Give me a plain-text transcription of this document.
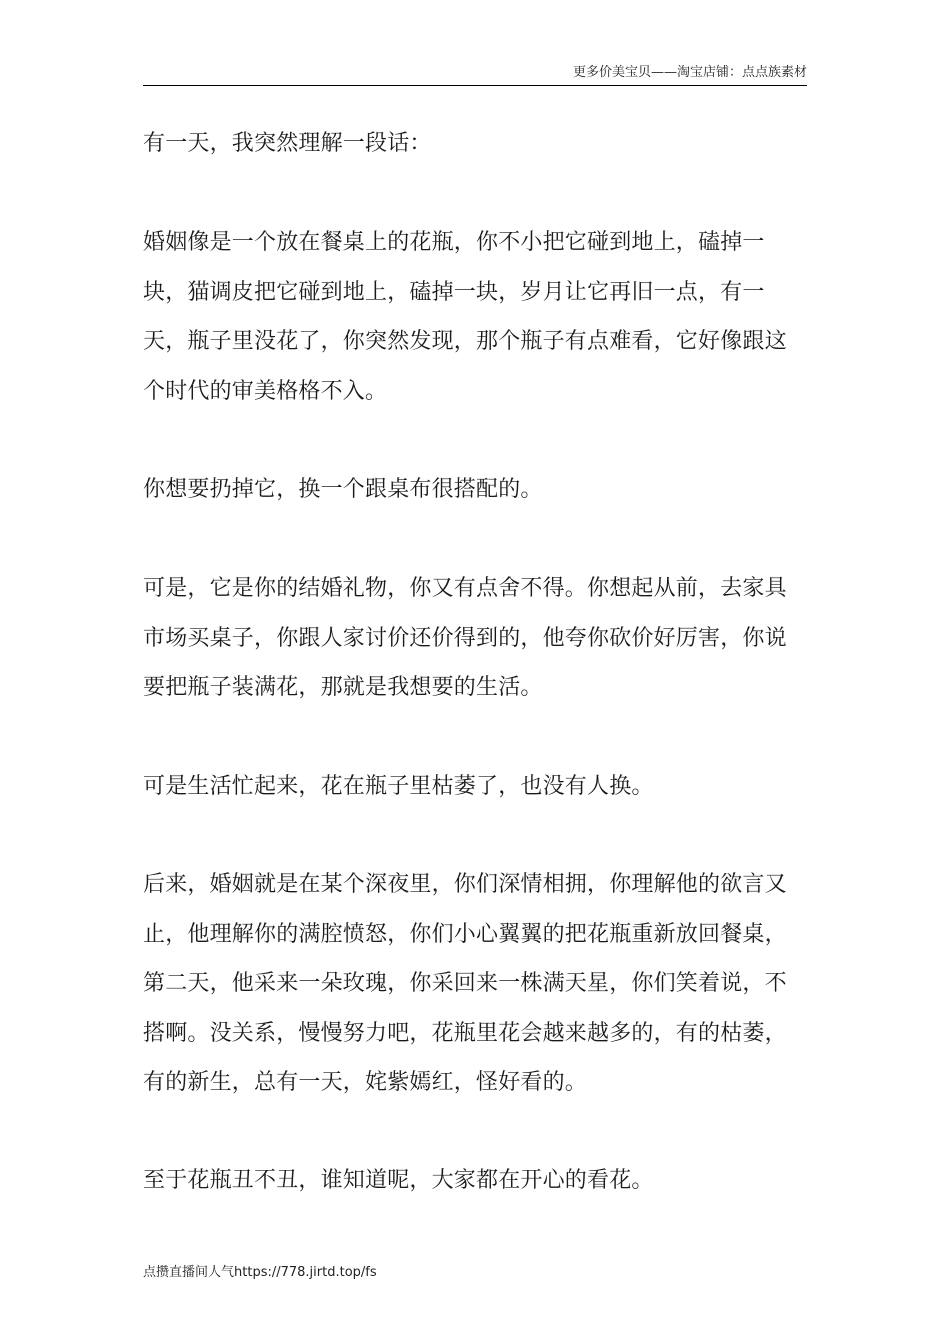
更多价美宝贝——淘宝店铺：点点族素材

有一天，我突然理解一段话：

婚姻像是一个放在餐桌上的花瓶，你不小把它碰到地上，磕掉一块，猫调皮把它碰到地上，磕掉一块，岁月让它再旧一点，有一天，瓶子里没花了，你突然发现，那个瓶子有点难看，它好像跟这个时代的审美格格不入。

你想要扔掉它，换一个跟桌布很搭配的。

可是，它是你的结婚礼物，你又有点舍不得。你想起从前，去家具市场买桌子，你跟人家讨价还价得到的，他夸你砍价好厉害，你说要把瓶子装满花，那就是我想要的生活。

可是生活忙起来，花在瓶子里枯萎了，也没有人换。

后来，婚姻就是在某个深夜里，你们深情相拥，你理解他的欲言又止，他理解你的满腔愤怒，你们小心翼翼的把花瓶重新放回餐桌，第二天，他采来一朵玫瑰，你采回来一株满天星，你们笑着说，不搭啊。没关系，慢慢努力吧，花瓶里花会越来越多的，有的枯萎，有的新生，总有一天，姹紫嫣红，怪好看的。

至于花瓶丑不丑，谁知道呢，大家都在开心的看花。

点攒直播间人气https://778.jirtd.top/fs
